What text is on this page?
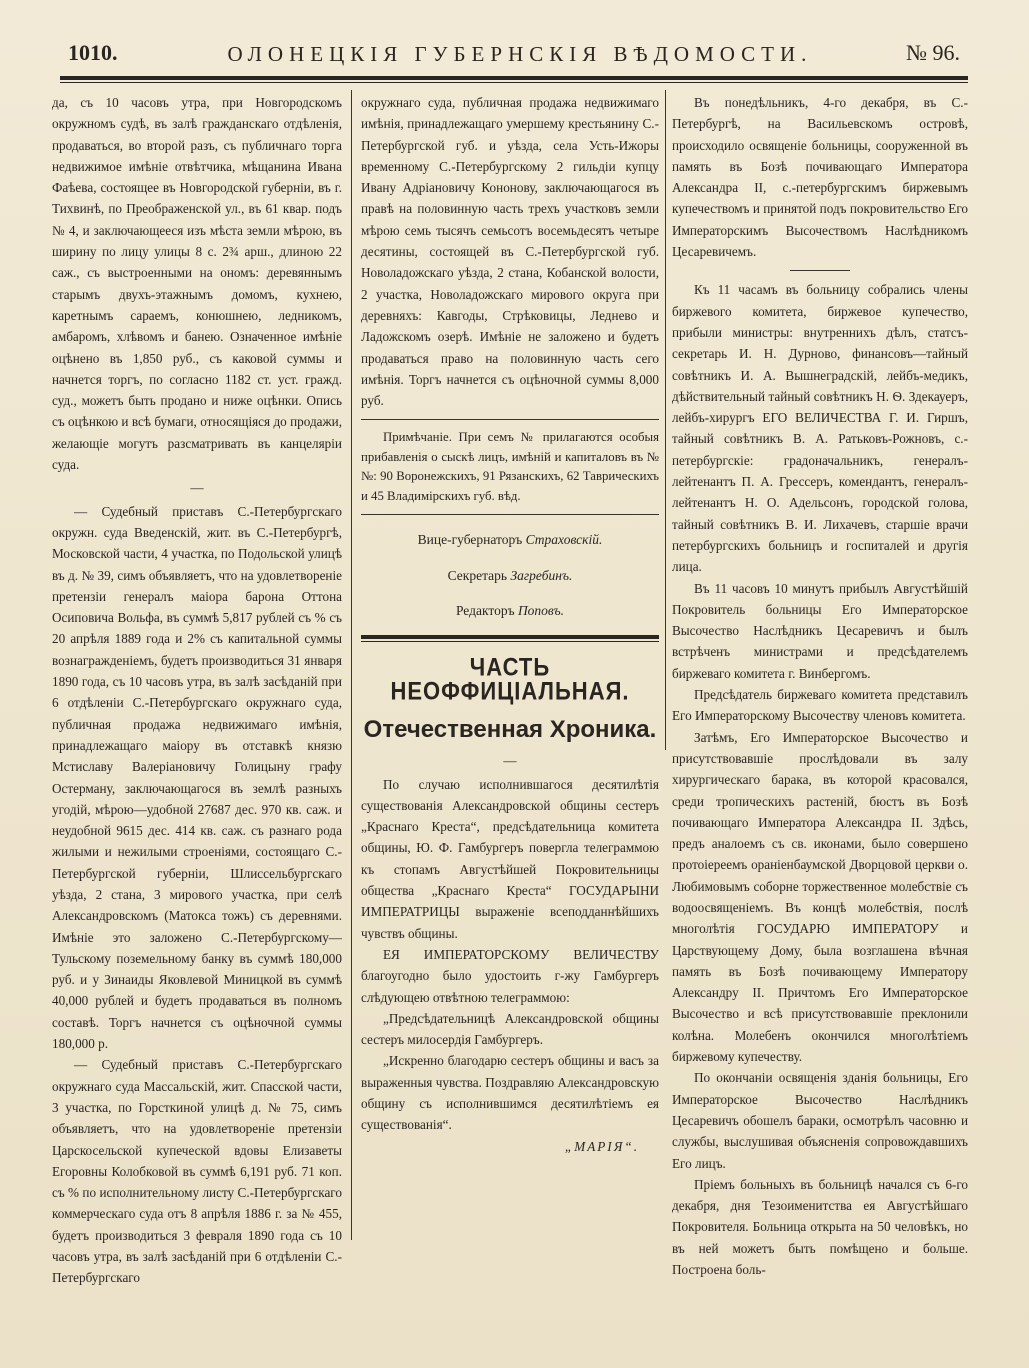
1010.	ОЛОНЕЦКІЯ ГУБЕРНСКІЯ ВѢДОМОСТИ.	№ 96.

да, съ 10 часовъ утра, при Новгородскомъ окружномъ судѣ, въ залѣ гражданскаго отдѣленія, продаваться, во второй разъ, съ публичнаго торга недвижимое имѣніе отвѣтчика, мѣщанина Ивана Фаѣева, состоящее въ Новгородской губерніи, въ г. Тихвинѣ, по Преображенской ул., въ 61 квар. подъ № 4, и заключающееся изъ мѣста земли мѣрою, въ ширину по лицу улицы 8 с. 2¾ арш., длиною 22 саж., съ выстроенными на ономъ: деревяннымъ старымъ двухъ-этажнымъ домомъ, кухнею, каретнымъ сараемъ, конюшнею, ледникомъ, амбаромъ, хлѣвомъ и банею. Означенное имѣніе оцѣнено въ 1,850 руб., съ каковой суммы и начнется торгъ, по согласно 1182 ст. уст. гражд. суд., можетъ быть продано и ниже оцѣнки. Опись съ оцѣнкою и всѣ бумаги, относящіяся до продажи, желающіе могутъ разсматривать въ канцеляріи суда.

—

— Судебный приставъ С.-Петербургскаго окружн. суда Введенскій, жит. въ С.-Петербургѣ, Московской части, 4 участка, по Подольской улицѣ въ д. № 39, симъ объявляетъ, что на удовлетвореніе претензіи генералъ маіора барона Оттона Осиповича Вольфа, въ суммѣ 5,817 рублей съ % съ 20 апрѣля 1889 года и 2% съ капитальной суммы вознагражденіемъ, будетъ производиться 31 января 1890 года, съ 10 часовъ утра, въ залѣ засѣданій при 6 отдѣленіи С.-Петербургскаго окружнаго суда, публичная продажа недвижимаго имѣнія, принадлежащаго маіору въ отставкѣ князю Мстиславу Валеріановичу Голицыну графу Остерману, заключающагося въ землѣ разныхъ угодій, мѣрою—удобной 27687 дес. 970 кв. саж. и неудобной 9615 дес. 414 кв. саж. съ разнаго рода жилыми и нежилыми строеніями, состоящаго С.-Петербургской губерніи, Шлиссельбургскаго уѣзда, 2 стана, 3 мирового участка, при селѣ Александровскомъ (Матокса тожъ) съ деревнями. Имѣніе это заложено С.-Петербургскому—Тульскому поземельному банку въ суммѣ 180,000 руб. и у Зинаиды Яковлевой Миницкой въ суммѣ 40,000 рублей и будетъ продаваться въ полномъ составѣ. Торгъ начнется съ оцѣночной суммы 180,000 р.

— Судебный приставъ С.-Петербургскаго окружнаго суда Массальскій, жит. Спасской части, 3 участка, по Горсткиной улицѣ д. № 75, симъ объявляетъ, что на удовлетвореніе претензіи Царскосельской купеческой вдовы Елизаветы Егоровны Колобковой въ суммѣ 6,191 руб. 71 коп. съ % по исполнительному листу С.-Петербургскаго коммерческаго суда отъ 8 апрѣля 1886 г. за № 455, будетъ производиться 3 февраля 1890 года съ 10 часовъ утра, въ залѣ засѣданій при 6 отдѣленіи С.-Петербургскаго

окружнаго суда, публичная продажа недвижимаго имѣнія, принадлежащаго умершему крестьянину С.-Петербургской губ. и уѣзда, села Усть-Ижоры временному С.-Петербургскому 2 гильдіи купцу Ивану Адріановичу Кононову, заключающагося въ правѣ на половинную часть трехъ участковъ земли мѣрою семь тысячъ семьсотъ восемьдесятъ четыре десятины, состоящей въ С.-Петербургской губ. Новоладожскаго уѣзда, 2 стана, Кобанской волости, 2 участка, Новоладожскаго мирового округа при деревняхъ: Кавгоды, Стрѣковицы, Леднево и Ладожскомъ озерѣ. Имѣніе не заложено и будетъ продаваться право на половинную часть сего имѣнія. Торгъ начнется съ оцѣночной суммы 8,000 руб.

Примѣчаніе. При семъ № прилагаются особыя прибавленія о сыскѣ лицъ, имѣній и капиталовъ въ №№: 90 Воронежскихъ, 91 Рязанскихъ, 62 Таврическихъ и 45 Владимірскихъ губ. вѣд.

Вице-губернаторъ Страховскій.
Секретарь Загребинъ.
Редакторъ Поповъ.
ЧАСТЬ НЕОФФИЦІАЛЬНАЯ.
Отечественная Хроника.
—

По случаю исполнившагося десятилѣтія существованія Александровской общины сестеръ „Краснаго Креста“, предсѣдательница комитета общины, Ю. Ф. Гамбургеръ повергла телеграммою къ стопамъ Августѣйшей Покровительницы общества „Краснаго Креста“ ГОСУДАРЫНИ ИМПЕРАТРИЦЫ выраженіе всеподданнѣйшихъ чувствъ общины.

ЕЯ ИМПЕРАТОРСКОМУ ВЕЛИЧЕСТВУ благоугодно было удостоить г-жу Гамбургеръ слѣдующею отвѣтною телеграммою:

„Предсѣдательницѣ Александровской общины сестеръ милосердія Гамбургеръ.

„Искренно благодарю сестеръ общины и васъ за выраженныя чувства. Поздравляю Александровскую общину съ исполнившимся десятилѣтіемъ ея существованія“.

„МАРІЯ“.

Въ понедѣльникъ, 4-го декабря, въ С.-Петербургѣ, на Васильевскомъ островѣ, происходило освященіе больницы, сооруженной въ память въ Бозѣ почивающаго Императора Александра II, с.-петербургскимъ биржевымъ купечествомъ и принятой подъ покровительство Его Императорскимъ Высочествомъ Наслѣдникомъ Цесаревичемъ.

Къ 11 часамъ въ больницу собрались члены биржевого комитета, биржевое купечество, прибыли министры: внутреннихъ дѣлъ, статсъ-секретарь И. Н. Дурново, финансовъ—тайный совѣтникъ И. А. Вышнеградскій, лейбъ-медикъ, дѣйствительный тайный совѣтникъ Н. Ѳ. Здекауеръ, лейбъ-хирургъ ЕГО ВЕЛИЧЕСТВА Г. И. Гиршъ, тайный совѣтникъ В. А. Ратьковъ-Рожновъ, с.-петербургскіе: градоначальникъ, генералъ-лейтенантъ П. А. Грессеръ, комендантъ, генералъ-лейтенантъ Н. О. Адельсонъ, городской голова, тайный совѣтникъ В. И. Лихачевъ, старшіе врачи петербургскихъ больницъ и госпиталей и другія лица.

Въ 11 часовъ 10 минутъ прибылъ Августѣйшій Покровитель больницы Его Императорское Высочество Наслѣдникъ Цесаревичъ и былъ встрѣченъ министрами и предсѣдателемъ биржеваго комитета г. Винбергомъ.

Предсѣдатель биржеваго комитета представилъ Его Императорскому Высочеству членовъ комитета.

Затѣмъ, Его Императорское Высочество и присутствовавшіе прослѣдовали въ залу хирургическаго барака, въ которой красовался, среди тропическихъ растеній, бюстъ въ Бозѣ почивающаго Императора Александра II. Здѣсь, предъ аналоемъ съ св. иконами, было совершено протоіереемъ ораніенбаумской Дворцовой церкви о. Любимовымъ соборне торжественное молебствіе съ водоосвященіемъ. Въ концѣ молебствія, послѣ многолѣтія ГОСУДАРЮ ИМПЕРАТОРУ и Царствующему Дому, была возглашена вѣчная память въ Бозѣ почивающему Императору Александру II. Причтомъ Его Императорское Высочество и всѣ присутствовавшіе преклонили колѣна. Молебенъ окончился многолѣтіемъ биржевому купечеству.

По окончаніи освященія зданія больницы, Его Императорское Высочество Наслѣдникъ Цесаревичъ обошелъ бараки, осмотрѣлъ часовню и службы, выслушивая объясненія сопровождавшихъ Его лицъ.

Пріемъ больныхъ въ больницѣ начался съ 6-го декабря, дня Тезоименитства ея Августѣйшаго Покровителя. Больница открыта на 50 человѣкъ, но въ ней можетъ быть помѣщено и больше. Построена боль-
